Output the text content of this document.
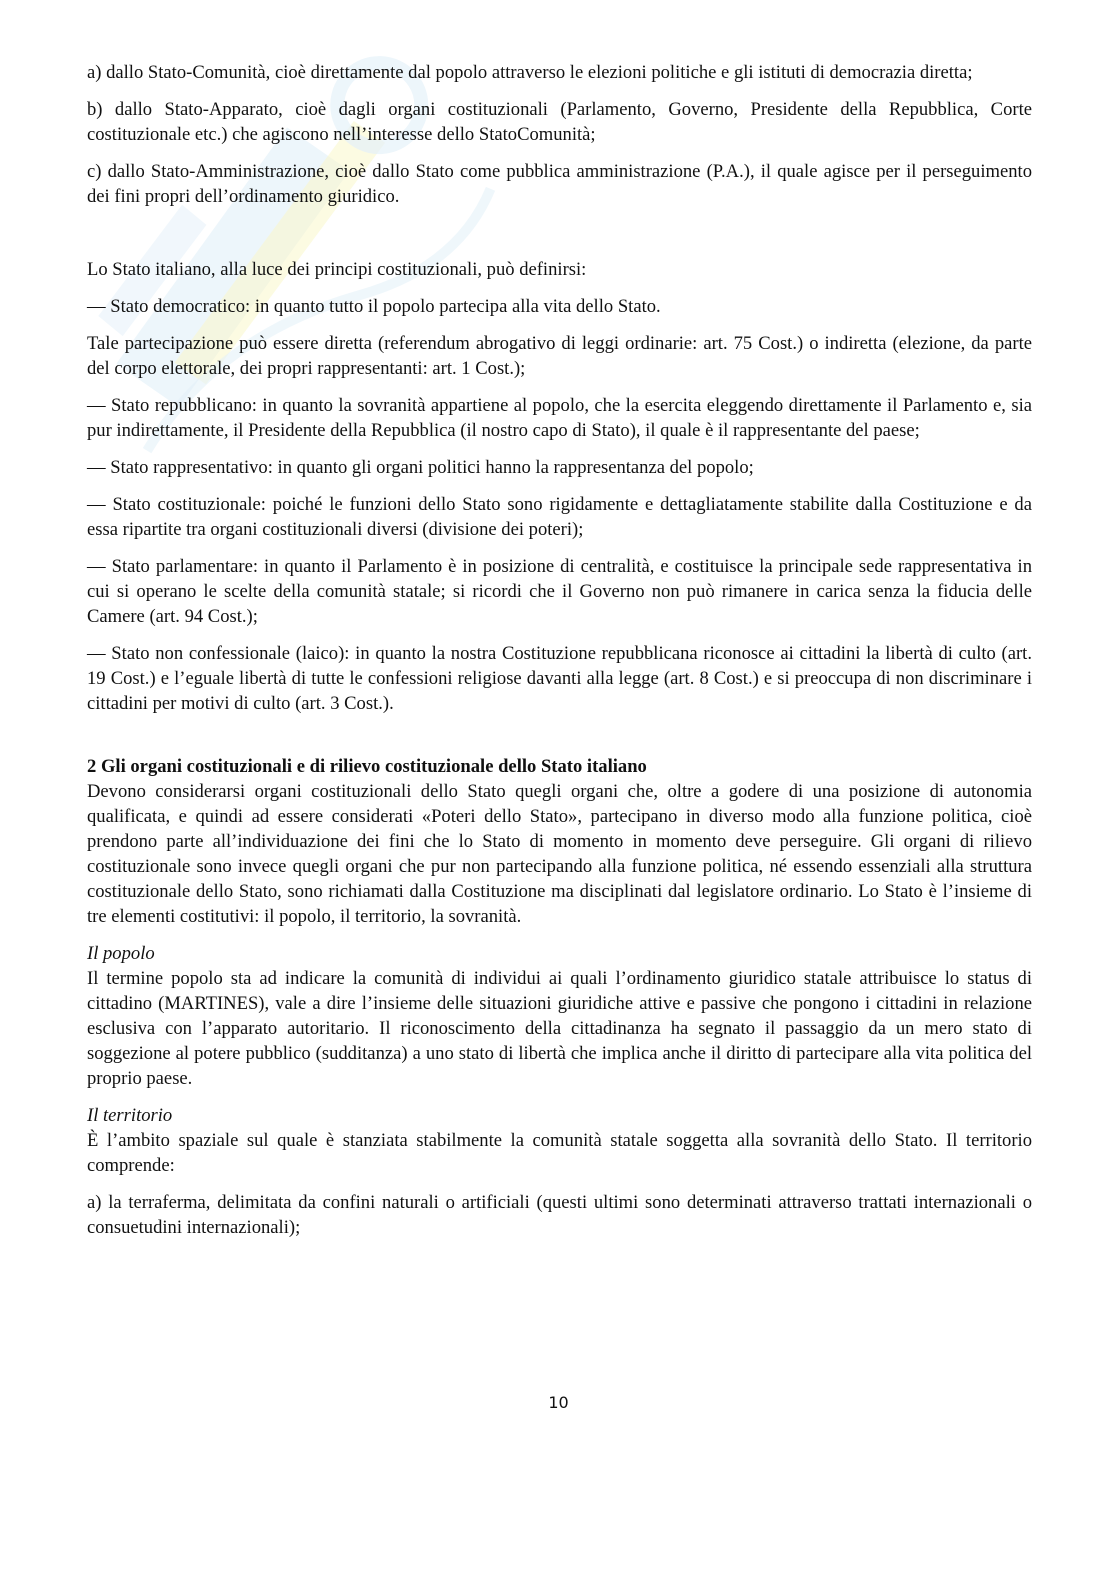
a) dallo Stato-Comunità, cioè direttamente dal popolo attraverso le elezioni politiche e gli istituti di democrazia diretta;

b) dallo Stato-Apparato, cioè dagli organi costituzionali (Parlamento, Governo, Presidente della Repubblica, Corte costituzionale etc.) che agiscono nell’interesse dello StatoComunità;

c) dallo Stato-Amministrazione, cioè dallo Stato come pubblica amministrazione (P.A.), il quale agisce per il perseguimento dei fini propri dell’ordinamento giuridico.

Lo Stato italiano, alla luce dei principi costituzionali, può definirsi:

— Stato democratico: in quanto tutto il popolo partecipa alla vita dello Stato.

Tale partecipazione può essere diretta (referendum abrogativo di leggi ordinarie: art. 75 Cost.) o indiretta (elezione, da parte del corpo elettorale, dei propri rappresentanti: art. 1 Cost.);

— Stato repubblicano: in quanto la sovranità appartiene al popolo, che la esercita eleggendo direttamente il Parlamento e, sia pur indirettamente, il Presidente della Repubblica (il nostro capo di Stato), il quale è il rappresentante del paese;

— Stato rappresentativo: in quanto gli organi politici hanno la rappresentanza del popolo;

— Stato costituzionale: poiché le funzioni dello Stato sono rigidamente e dettagliatamente stabilite dalla Costituzione e da essa ripartite tra organi costituzionali diversi (divisione dei poteri);

— Stato parlamentare: in quanto il Parlamento è in posizione di centralità, e costituisce la principale sede rappresentativa in cui si operano le scelte della comunità statale; si ricordi che il Governo non può rimanere in carica senza la fiducia delle Camere (art. 94 Cost.);

— Stato non confessionale (laico): in quanto la nostra Costituzione repubblicana riconosce ai cittadini la libertà di culto (art. 19 Cost.) e l’eguale libertà di tutte le confessioni religiose davanti alla legge (art. 8 Cost.) e si preoccupa di non discriminare i cittadini per motivi di culto (art. 3 Cost.).

2 Gli organi costituzionali e di rilievo costituzionale dello Stato italiano

Devono considerarsi organi costituzionali dello Stato quegli organi che, oltre a godere di una posizione di autonomia qualificata, e quindi ad essere considerati «Poteri dello Stato», partecipano in diverso modo alla funzione politica, cioè prendono parte all’individuazione dei fini che lo Stato di momento in momento deve perseguire. Gli organi di rilievo costituzionale sono invece quegli organi che pur non partecipando alla funzione politica, né essendo essenziali alla struttura costituzionale dello Stato, sono richiamati dalla Costituzione ma disciplinati dal legislatore ordinario. Lo Stato è l’insieme di tre elementi costitutivi: il popolo, il territorio, la sovranità.

Il popolo

Il termine popolo sta ad indicare la comunità di individui ai quali l’ordinamento giuridico statale attribuisce lo status di cittadino (MARTINES), vale a dire l’insieme delle situazioni giuridiche attive e passive che pongono i cittadini in relazione esclusiva con l’apparato autoritario. Il riconoscimento della cittadinanza ha segnato il passaggio da un mero stato di soggezione al potere pubblico (sudditanza) a uno stato di libertà che implica anche il diritto di partecipare alla vita politica del proprio paese.

Il territorio

È l’ambito spaziale sul quale è stanziata stabilmente la comunità statale soggetta alla sovranità dello Stato. Il territorio comprende:

a) la terraferma, delimitata da confini naturali o artificiali (questi ultimi sono determinati attraverso trattati internazionali o consuetudini internazionali);

10
